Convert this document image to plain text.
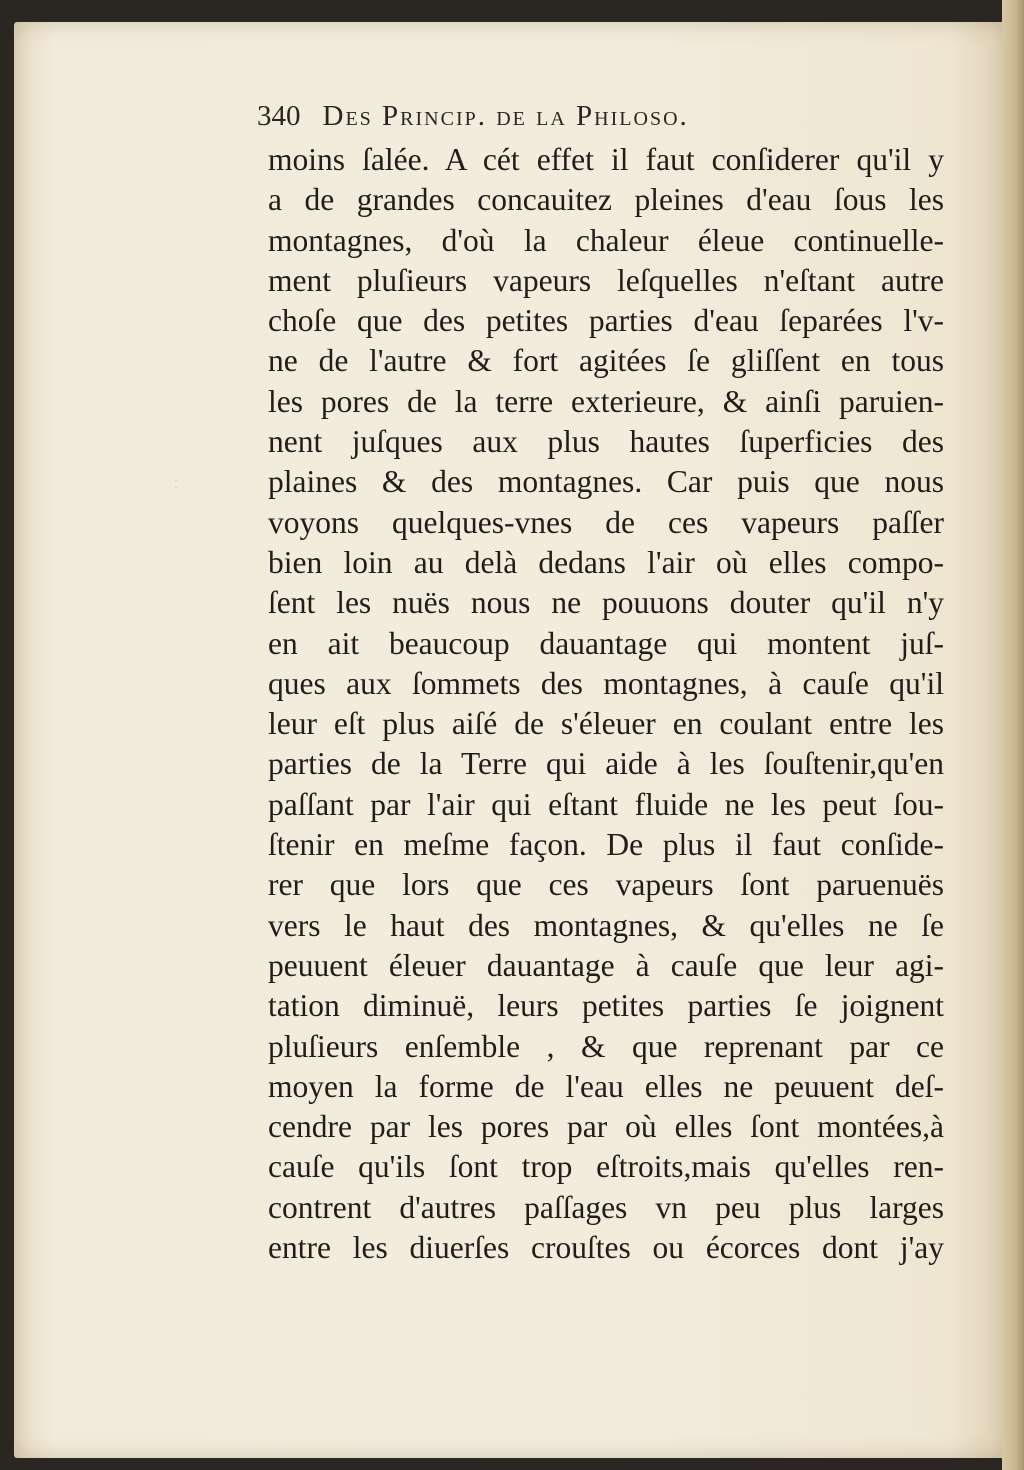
⁚
340 Des Princip. de la Philoso.
moins ſalée. A cét effet il faut conſiderer qu'il y
a de grandes concauitez pleines d'eau ſous les
montagnes, d'où la chaleur éleue continuelle-
ment pluſieurs vapeurs leſquelles n'eſtant autre
choſe que des petites parties d'eau ſeparées l'v-
ne de l'autre & fort agitées ſe gliſſent en tous
les pores de la terre exterieure, & ainſi paruien-
nent juſques aux plus hautes ſuperficies des
plaines & des montagnes. Car puis que nous
voyons quelques-vnes de ces vapeurs paſſer
bien loin au delà dedans l'air où elles compo-
ſent les nuës nous ne pouuons douter qu'il n'y
en ait beaucoup dauantage qui montent juſ-
ques aux ſommets des montagnes, à cauſe qu'il
leur eſt plus aiſé de s'éleuer en coulant entre les
parties de la Terre qui aide à les ſouſtenir,qu'en
paſſant par l'air qui eſtant fluide ne les peut ſou-
ſtenir en meſme façon. De plus il faut conſide-
rer que lors que ces vapeurs ſont paruenuës
vers le haut des montagnes, & qu'elles ne ſe
peuuent éleuer dauantage à cauſe que leur agi-
tation diminuë, leurs petites parties ſe joignent
pluſieurs enſemble , & que reprenant par ce
moyen la forme de l'eau elles ne peuuent deſ-
cendre par les pores par où elles ſont montées,à
cauſe qu'ils ſont trop eſtroits,mais qu'elles ren-
contrent d'autres paſſages vn peu plus larges
entre les diuerſes crouſtes ou écorces dont j'ay
